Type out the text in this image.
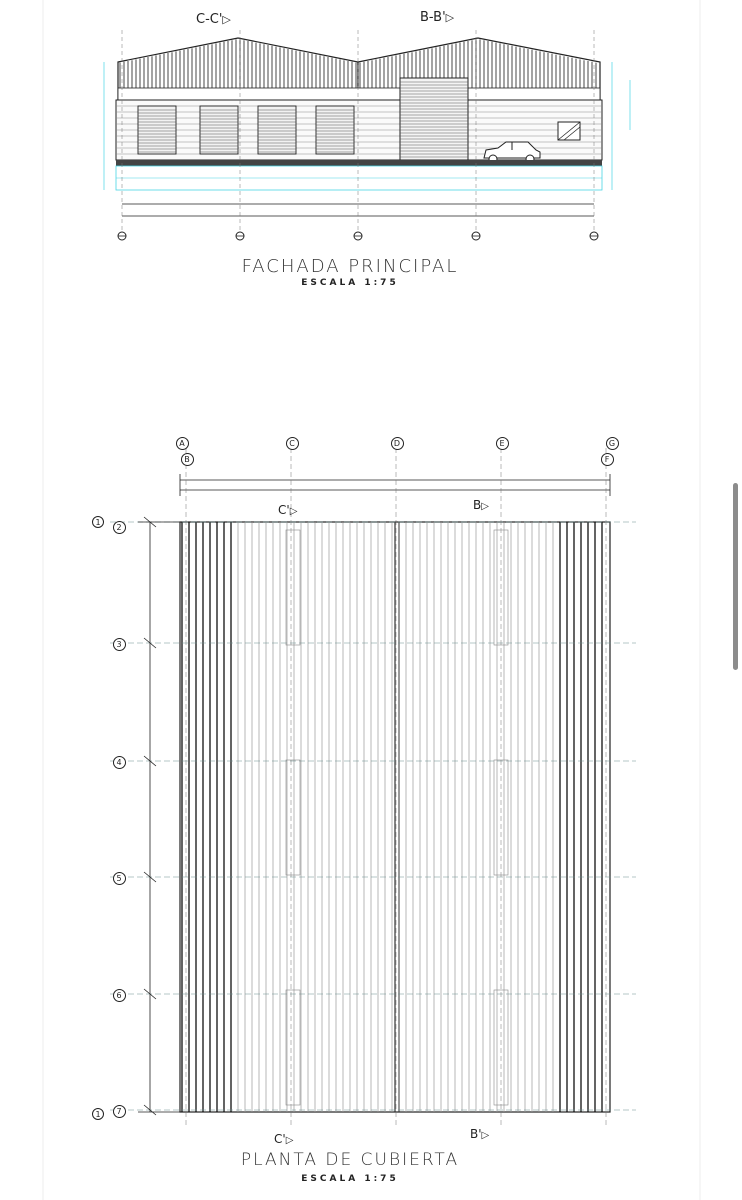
C-C'▷	B-B'▷
FACHADA PRINCIPAL
ESCALA 1:75
C'▷	B▷
C'▷	B'▷
PLANTA DE CUBIERTA
ESCALA 1:75
A	C	D	E	G
B	F
2
3
4
5
6
7
1
1
